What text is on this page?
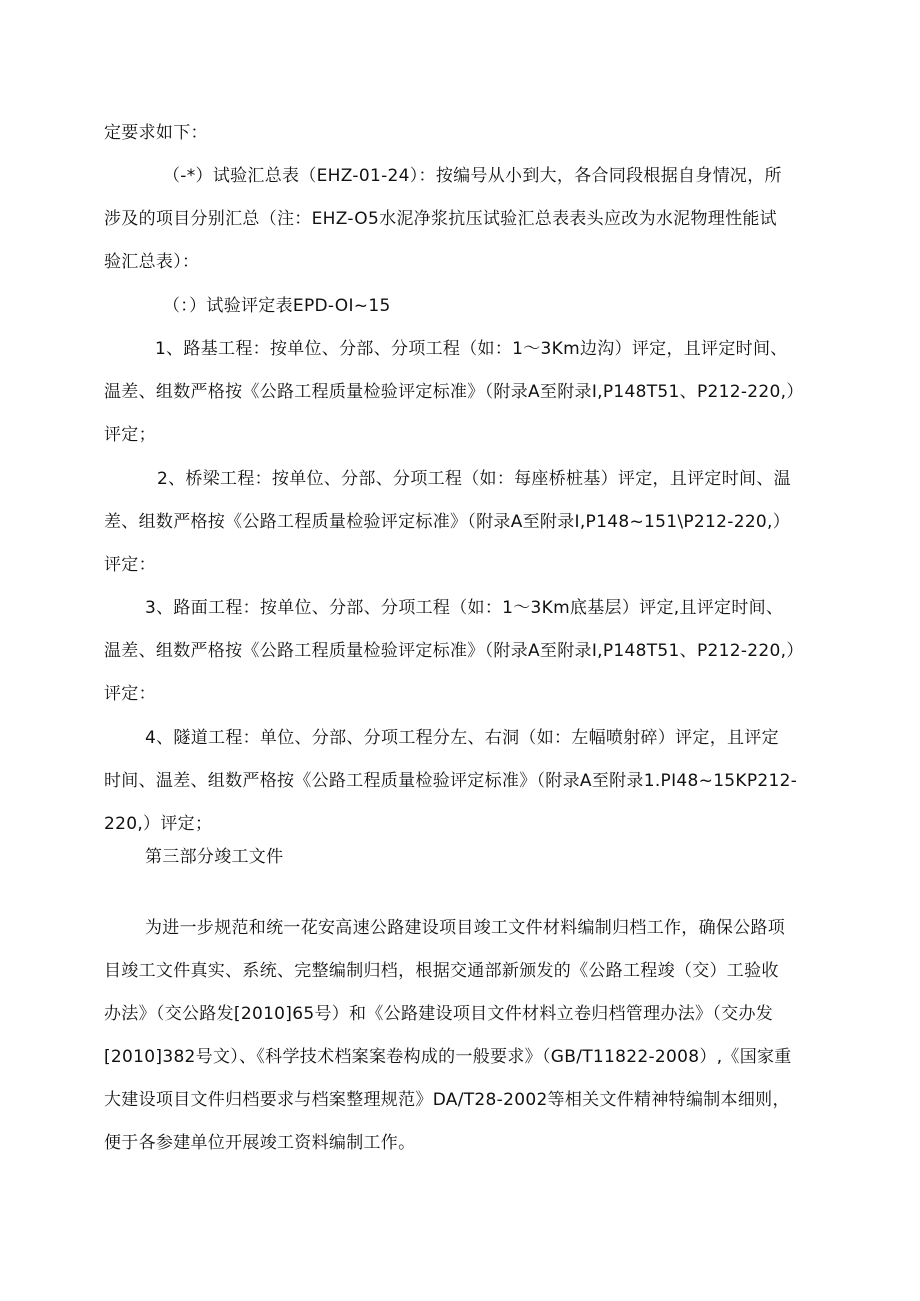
定要求如下：
（-*）试验汇总表（EHZ-01-24）：按编号从小到大，各合同段根据自身情况，所
涉及的项目分别汇总（注：EHZ-O5水泥净浆抗压试验汇总表表头应改为水泥物理性能试
验汇总表）：
（：）试验评定表EPD-OI~15
1、路基工程：按单位、分部、分项工程（如：1～3Km边沟）评定，且评定时间、
温差、组数严格按《公路工程质量检验评定标准》（附录A至附录I,P148T51、P212-220,）
评定；
2、桥梁工程：按单位、分部、分项工程（如：每座桥桩基）评定，且评定时间、温
差、组数严格按《公路工程质量检验评定标准》（附录A至附录I,P148~151\P212-220,）
评定：
3、路面工程：按单位、分部、分项工程（如：1～3Km底基层）评定,且评定时间、
温差、组数严格按《公路工程质量检验评定标准》（附录A至附录I,P148T51、P212-220,）
评定：
4、隧道工程：单位、分部、分项工程分左、右洞（如：左幅喷射碎）评定，且评定
时间、温差、组数严格按《公路工程质量检验评定标准》（附录A至附录1.PI48~15KP212-
220,）评定；
第三部分竣工文件
为进一步规范和统一花安高速公路建设项目竣工文件材料编制归档工作，确保公路项
目竣工文件真实、系统、完整编制归档，根据交通部新颁发的《公路工程竣（交）工验收
办法》（交公路发[2010]65号）和《公路建设项目文件材料立卷归档管理办法》（交办发
[2010]382号文）、《科学技术档案案卷构成的一般要求》（GB/T11822-2008）,《国家重
大建设项目文件归档要求与档案整理规范》DA/T28-2002等相关文件精神特编制本细则，
便于各参建单位开展竣工资料编制工作。
